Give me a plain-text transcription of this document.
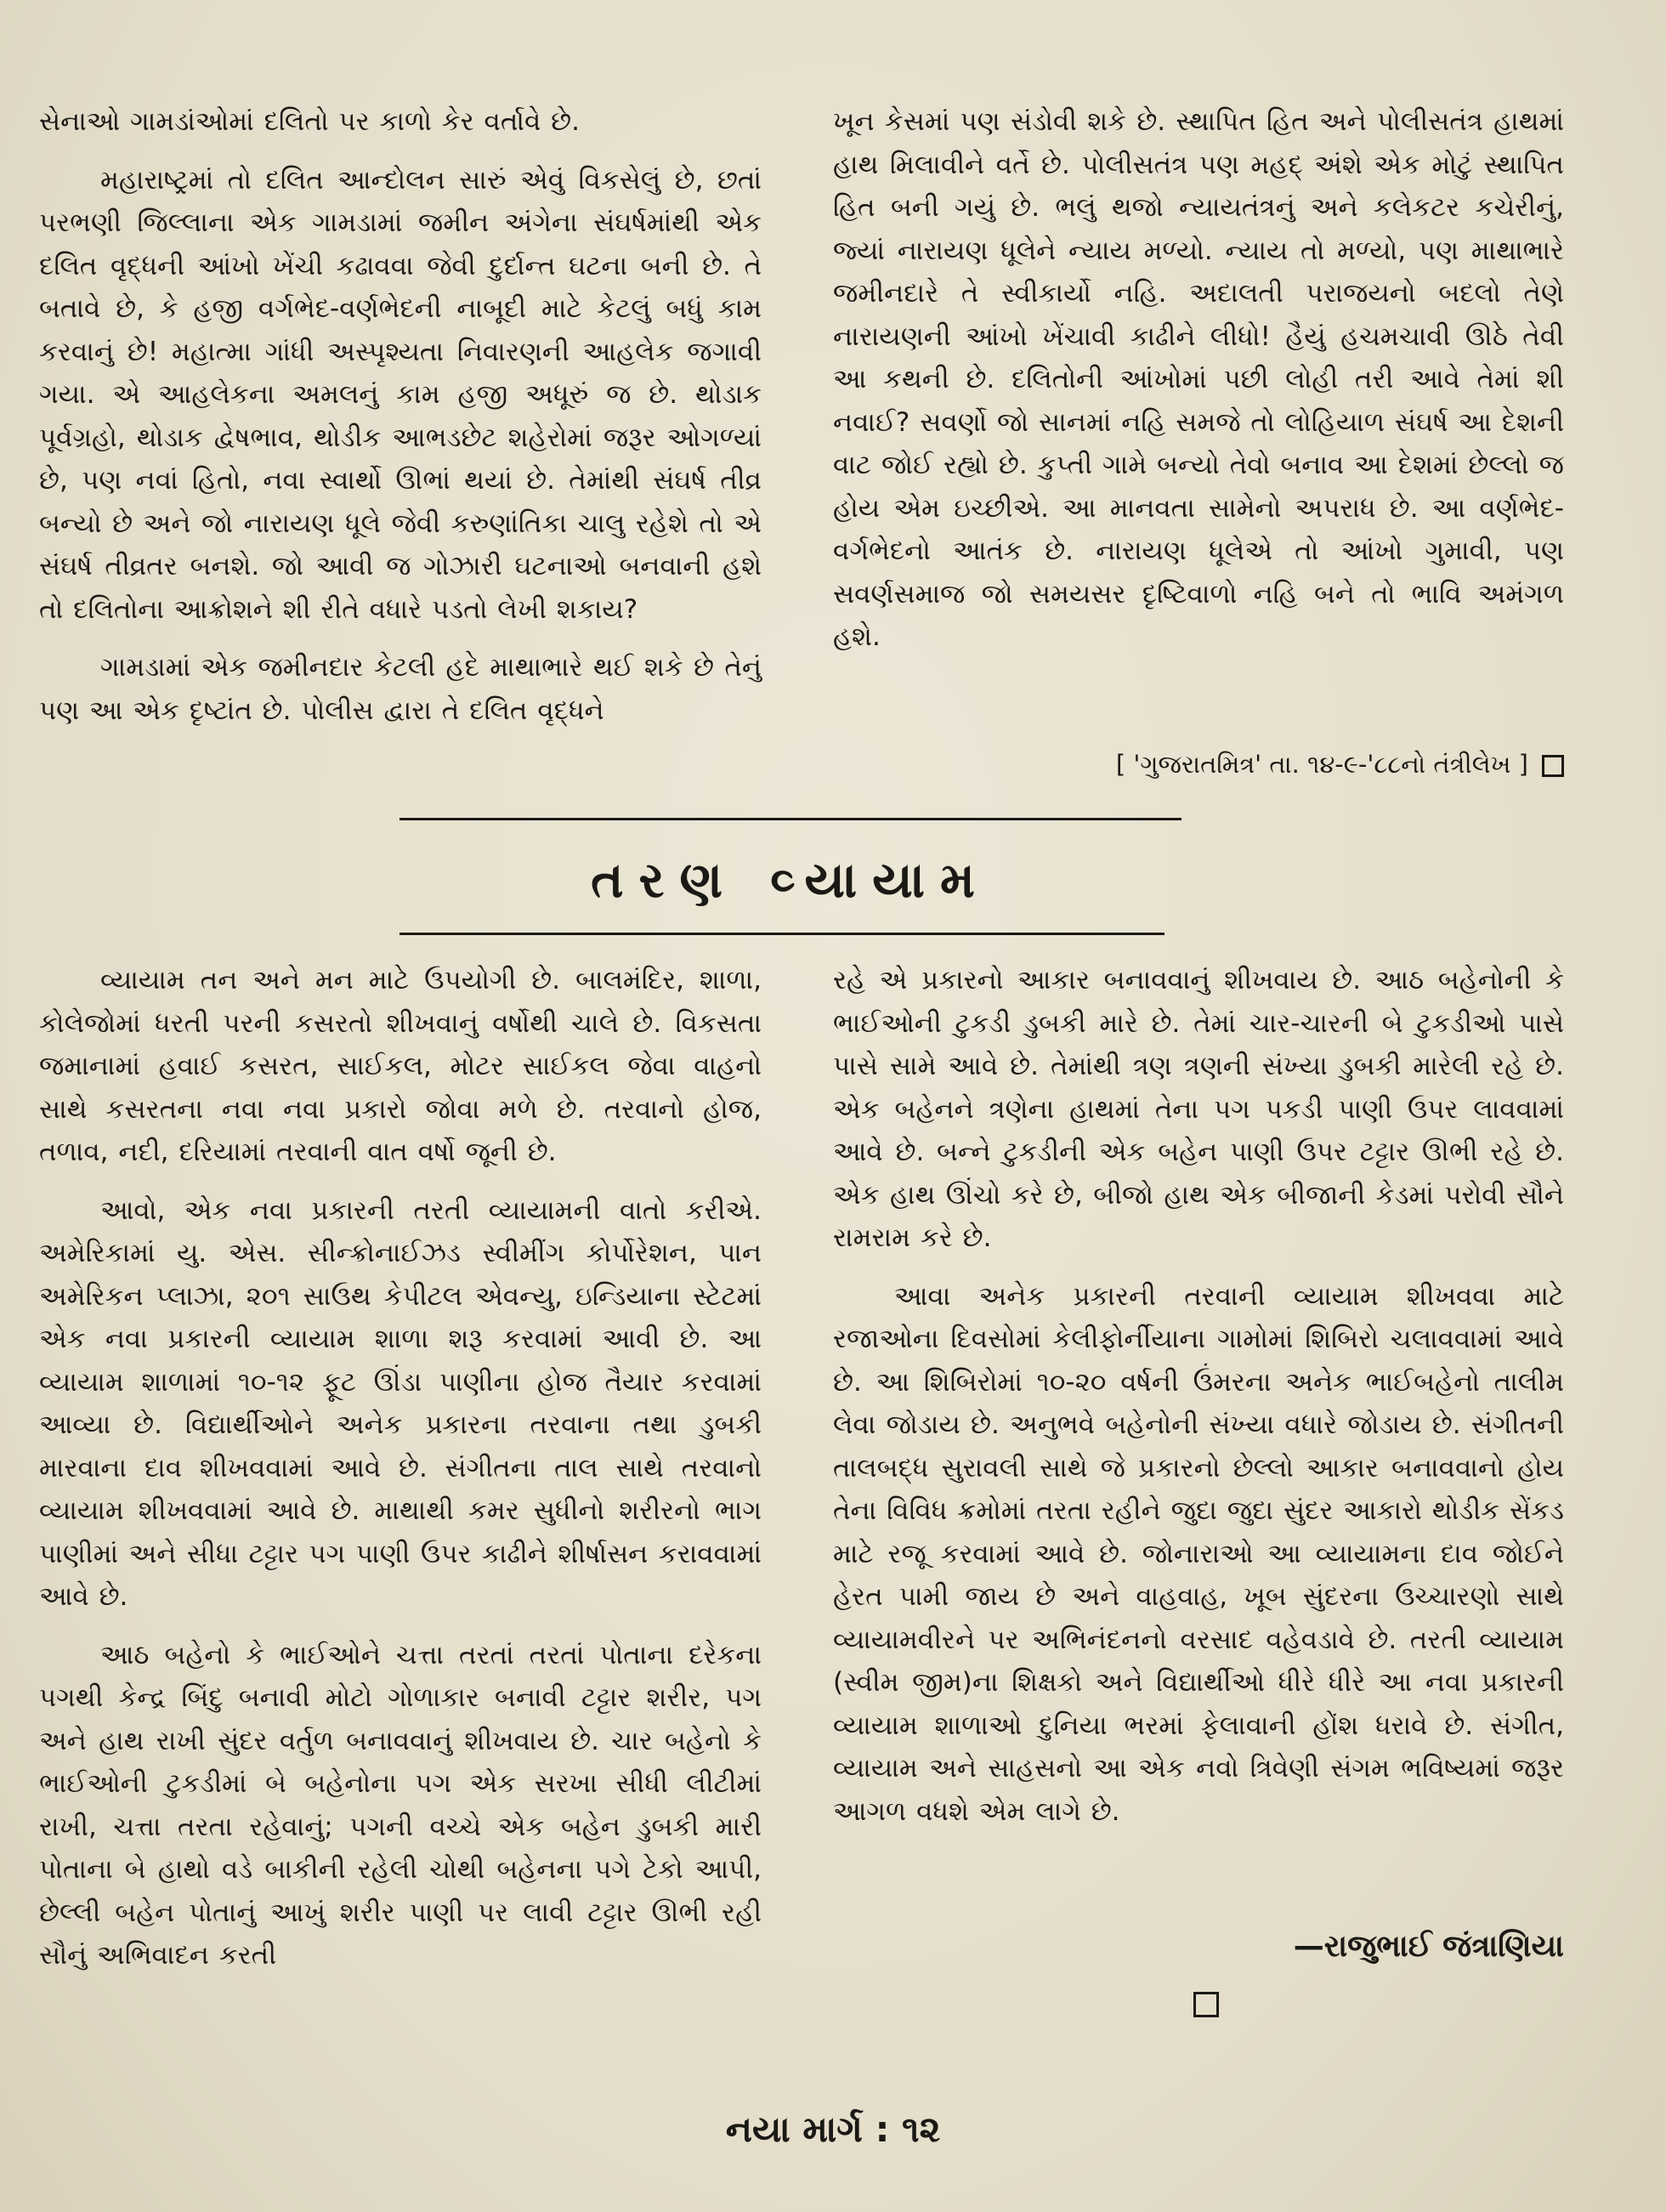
સેનાઓ ગામડાંઓમાં દલિતો પર કાળો કેર વર્તાવે છે.

મહારાષ્ટ્રમાં તો દલિત આન્દોલન સારું એવું વિકસેલું છે, છતાં પરભણી જિલ્લાના એક ગામડામાં જમીન અંગેના સંઘર્ષમાંથી એક દલિત વૃદ્ધની આંખો ખેંચી કઢાવવા જેવી દુર્દાન્ત ઘટના બની છે. તે બતાવે છે, કે હજી વર્ગભેદ-વર્ણભેદની નાબૂદી માટે કેટલું બધું કામ કરવાનું છે! મહાત્મા ગાંધી અસ્પૃશ્યતા નિવારણની આહલેક જગાવી ગયા. એ આહલેકના અમલનું કામ હજી અધૂરું જ છે. થોડાક પૂર્વગ્રહો, થોડાક દ્વેષભાવ, થોડીક આભડછેટ શહેરોમાં જરૂર ઓગળ્યાં છે, પણ નવાં હિતો, નવા સ્વાર્થો ઊભાં થયાં છે. તેમાંથી સંઘર્ષ તીવ્ર બન્યો છે અને જો નારાયણ ધૂલે જેવી કરુણાંતિકા ચાલુ રહેશે તો એ સંઘર્ષ તીવ્રતર બનશે. જો આવી જ ગોઝારી ઘટનાઓ બનવાની હશે તો દલિતોના આક્રોશને શી રીતે વધારે પડતો લેખી શકાય?

ગામડામાં એક જમીનદાર કેટલી હદે માથાભારે થઈ શકે છે તેનું પણ આ એક દૃષ્ટાંત છે. પોલીસ દ્વારા તે દલિત વૃદ્ધને

ખૂન કેસમાં પણ સંડોવી શકે છે. સ્થાપિત હિત અને પોલીસતંત્ર હાથમાં હાથ મિલાવીને વર્તે છે. પોલીસતંત્ર પણ મહદ્ અંશે એક મોટું સ્થાપિત હિત બની ગયું છે. ભલું થજો ન્યાયતંત્રનું અને કલેકટર કચેરીનું, જ્યાં નારાયણ ધૂલેને ન્યાય મળ્યો. ન્યાય તો મળ્યો, પણ માથાભારે જમીનદારે તે સ્વીકાર્યો નહિ. અદાલતી પરાજયનો બદલો તેણે નારાયણની આંખો ખેંચાવી કાઢીને લીધો! હૈયું હચમચાવી ઊઠે તેવી આ કથની છે. દલિતોની આંખોમાં પછી લોહી તરી આવે તેમાં શી નવાઈ? સવર્ણો જો સાનમાં નહિ સમજે તો લોહિયાળ સંઘર્ષ આ દેશની વાટ જોઈ રહ્યો છે. કુપ્તી ગામે બન્યો તેવો બનાવ આ દેશમાં છેલ્લો જ હોય એમ ઇચ્છીએ. આ માનવતા સામેનો અપરાધ છે. આ વર્ણભેદ-વર્ગભેદનો આતંક છે. નારાયણ ધૂલેએ તો આંખો ગુમાવી, પણ સવર્ણસમાજ જો સમયસર દૃષ્ટિવાળો નહિ બને તો ભાવિ અમંગળ હશે.

[ 'ગુજરાતમિત્ર' તા. ૧૪-૯-'૮૮નો તંત્રીલેખ ]
તરણ વ્યાયામ

વ્યાયામ તન અને મન માટે ઉપયોગી છે. બાલમંદિર, શાળા, કોલેજોમાં ધરતી પરની કસરતો શીખવાનું વર્ષોથી ચાલે છે. વિકસતા જમાનામાં હવાઈ કસરત, સાઈકલ, મોટર સાઈકલ જેવા વાહનો સાથે કસરતના નવા નવા પ્રકારો જોવા મળે છે. તરવાનો હોજ, તળાવ, નદી, દરિયામાં તરવાની વાત વર્ષો જૂની છે.

આવો, એક નવા પ્રકારની તરતી વ્યાયામની વાતો કરીએ. અમેરિકામાં યુ. એસ. સીન્ક્રોનાઈઝડ સ્વીમીંગ કોર્પોરેશન, પાન અમેરિકન પ્લાઝા, ૨૦૧ સાઉથ કેપીટલ એવન્યુ, ઇન્ડિયાના સ્ટેટમાં એક નવા પ્રકારની વ્યાયામ શાળા શરૂ કરવામાં આવી છે. આ વ્યાયામ શાળામાં ૧૦-૧૨ ફૂટ ઊંડા પાણીના હોજ તૈયાર કરવામાં આવ્યા છે. વિદ્યાર્થીઓને અનેક પ્રકારના તરવાના તથા ડુબકી મારવાના દાવ શીખવવામાં આવે છે. સંગીતના તાલ સાથે તરવાનો વ્યાયામ શીખવવામાં આવે છે. માથાથી કમર સુધીનો શરીરનો ભાગ પાણીમાં અને સીધા ટટ્ટાર પગ પાણી ઉપર કાઢીને શીર્ષાસન કરાવવામાં આવે છે.

આઠ બહેનો કે ભાઈઓને ચત્તા તરતાં તરતાં પોતાના દરેકના પગથી કેન્દ્ર બિંદુ બનાવી મોટો ગોળાકાર બનાવી ટટ્ટાર શરીર, પગ અને હાથ રાખી સુંદર વર્તુળ બનાવવાનું શીખવાય છે. ચાર બહેનો કે ભાઈઓની ટુકડીમાં બે બહેનોના પગ એક સરખા સીધી લીટીમાં રાખી, ચત્તા તરતા રહેવાનું; પગની વચ્ચે એક બહેન ડુબકી મારી પોતાના બે હાથો વડે બાકીની રહેલી ચોથી બહેનના પગે ટેકો આપી, છેલ્લી બહેન પોતાનું આખું શરીર પાણી પર લાવી ટટ્ટાર ઊભી રહી સૌનું અભિવાદન કરતી

રહે એ પ્રકારનો આકાર બનાવવાનું શીખવાય છે. આઠ બહેનોની કે ભાઈઓની ટુકડી ડુબકી મારે છે. તેમાં ચાર-ચારની બે ટુકડીઓ પાસે પાસે સામે આવે છે. તેમાંથી ત્રણ ત્રણની સંખ્યા ડુબકી મારેલી રહે છે. એક બહેનને ત્રણેના હાથમાં તેના પગ પકડી પાણી ઉપર લાવવામાં આવે છે. બન્ને ટુકડીની એક બહેન પાણી ઉપર ટટ્ટાર ઊભી રહે છે. એક હાથ ઊંચો કરે છે, બીજો હાથ એક બીજાની કેડમાં પરોવી સૌને રામરામ કરે છે.

આવા અનેક પ્રકારની તરવાની વ્યાયામ શીખવવા માટે રજાઓના દિવસોમાં કેલીફોર્નીયાના ગામોમાં શિબિરો ચલાવવામાં આવે છે. આ શિબિરોમાં ૧૦-૨૦ વર્ષની ઉંમરના અનેક ભાઈબહેનો તાલીમ લેવા જોડાય છે. અનુભવે બહેનોની સંખ્યા વધારે જોડાય છે. સંગીતની તાલબદ્ધ સુરાવલી સાથે જે પ્રકારનો છેલ્લો આકાર બનાવવાનો હોય તેના વિવિધ ક્રમોમાં તરતા રહીને જુદા જુદા સુંદર આકારો થોડીક સેંકડ માટે રજૂ કરવામાં આવે છે. જોનારાઓ આ વ્યાયામના દાવ જોઈને હેરત પામી જાય છે અને વાહવાહ, ખૂબ સુંદરના ઉચ્ચારણો સાથે વ્યાયામવીરને પર અભિનંદનનો વરસાદ વહેવડાવે છે. તરતી વ્યાયામ (સ્વીમ જીમ)ના શિક્ષકો અને વિદ્યાર્થીઓ ધીરે ધીરે આ નવા પ્રકારની વ્યાયામ શાળાઓ દુનિયા ભરમાં ફેલાવાની હોંશ ધરાવે છે. સંગીત, વ્યાયામ અને સાહસનો આ એક નવો ત્રિવેણી સંગમ ભવિષ્યમાં જરૂર આગળ વધશે એમ લાગે છે.

—રાજુભાઈ જંત્રાણિયા
નયા માર્ગ : ૧૨
